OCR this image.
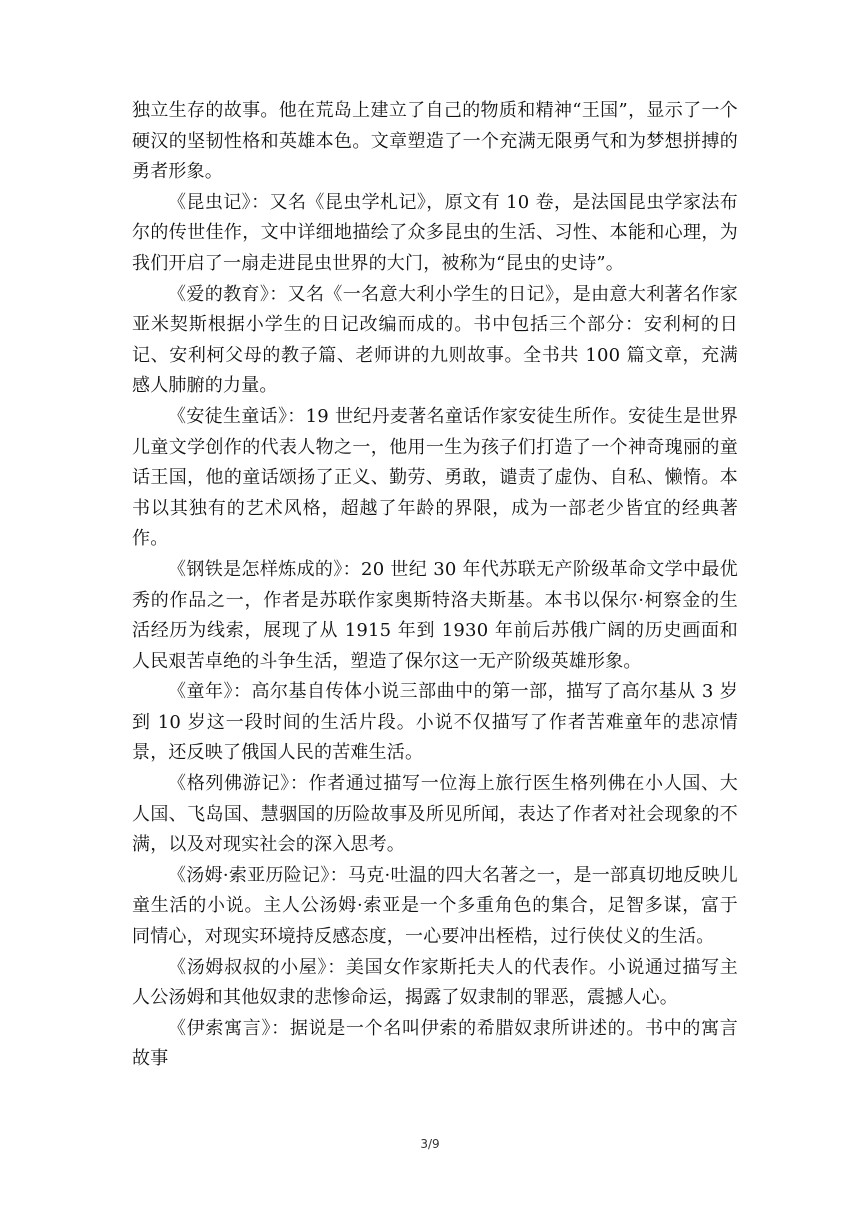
独立生存的故事。他在荒岛上建立了自己的物质和精神“王国”，显示了一个硬汉的坚韧性格和英雄本色。文章塑造了一个充满无限勇气和为梦想拼搏的勇者形象。

《昆虫记》：又名《昆虫学札记》，原文有 10 卷，是法国昆虫学家法布尔的传世佳作，文中详细地描绘了众多昆虫的生活、习性、本能和心理，为我们开启了一扇走进昆虫世界的大门，被称为“昆虫的史诗”。

《爱的教育》：又名《一名意大利小学生的日记》，是由意大利著名作家亚米契斯根据小学生的日记改编而成的。书中包括三个部分：安利柯的日记、安利柯父母的教子篇、老师讲的九则故事。全书共 100 篇文章，充满感人肺腑的力量。

《安徒生童话》：19 世纪丹麦著名童话作家安徒生所作。安徒生是世界儿童文学创作的代表人物之一，他用一生为孩子们打造了一个神奇瑰丽的童话王国，他的童话颂扬了正义、勤劳、勇敢，谴责了虚伪、自私、懒惰。本书以其独有的艺术风格，超越了年龄的界限，成为一部老少皆宜的经典著作。

《钢铁是怎样炼成的》：20 世纪 30 年代苏联无产阶级革命文学中最优秀的作品之一，作者是苏联作家奥斯特洛夫斯基。本书以保尔·柯察金的生活经历为线索，展现了从 1915 年到 1930 年前后苏俄广阔的历史画面和人民艰苦卓绝的斗争生活，塑造了保尔这一无产阶级英雄形象。

《童年》：高尔基自传体小说三部曲中的第一部，描写了高尔基从 3 岁到 10 岁这一段时间的生活片段。小说不仅描写了作者苦难童年的悲凉情景，还反映了俄国人民的苦难生活。

《格列佛游记》：作者通过描写一位海上旅行医生格列佛在小人国、大人国、飞岛国、慧骃国的历险故事及所见所闻，表达了作者对社会现象的不满，以及对现实社会的深入思考。

《汤姆·索亚历险记》：马克·吐温的四大名著之一，是一部真切地反映儿童生活的小说。主人公汤姆·索亚是一个多重角色的集合，足智多谋，富于同情心，对现实环境持反感态度，一心要冲出桎梏，过行侠仗义的生活。

《汤姆叔叔的小屋》：美国女作家斯托夫人的代表作。小说通过描写主人公汤姆和其他奴隶的悲惨命运，揭露了奴隶制的罪恶，震撼人心。

《伊索寓言》：据说是一个名叫伊索的希腊奴隶所讲述的。书中的寓言故事

3/9
